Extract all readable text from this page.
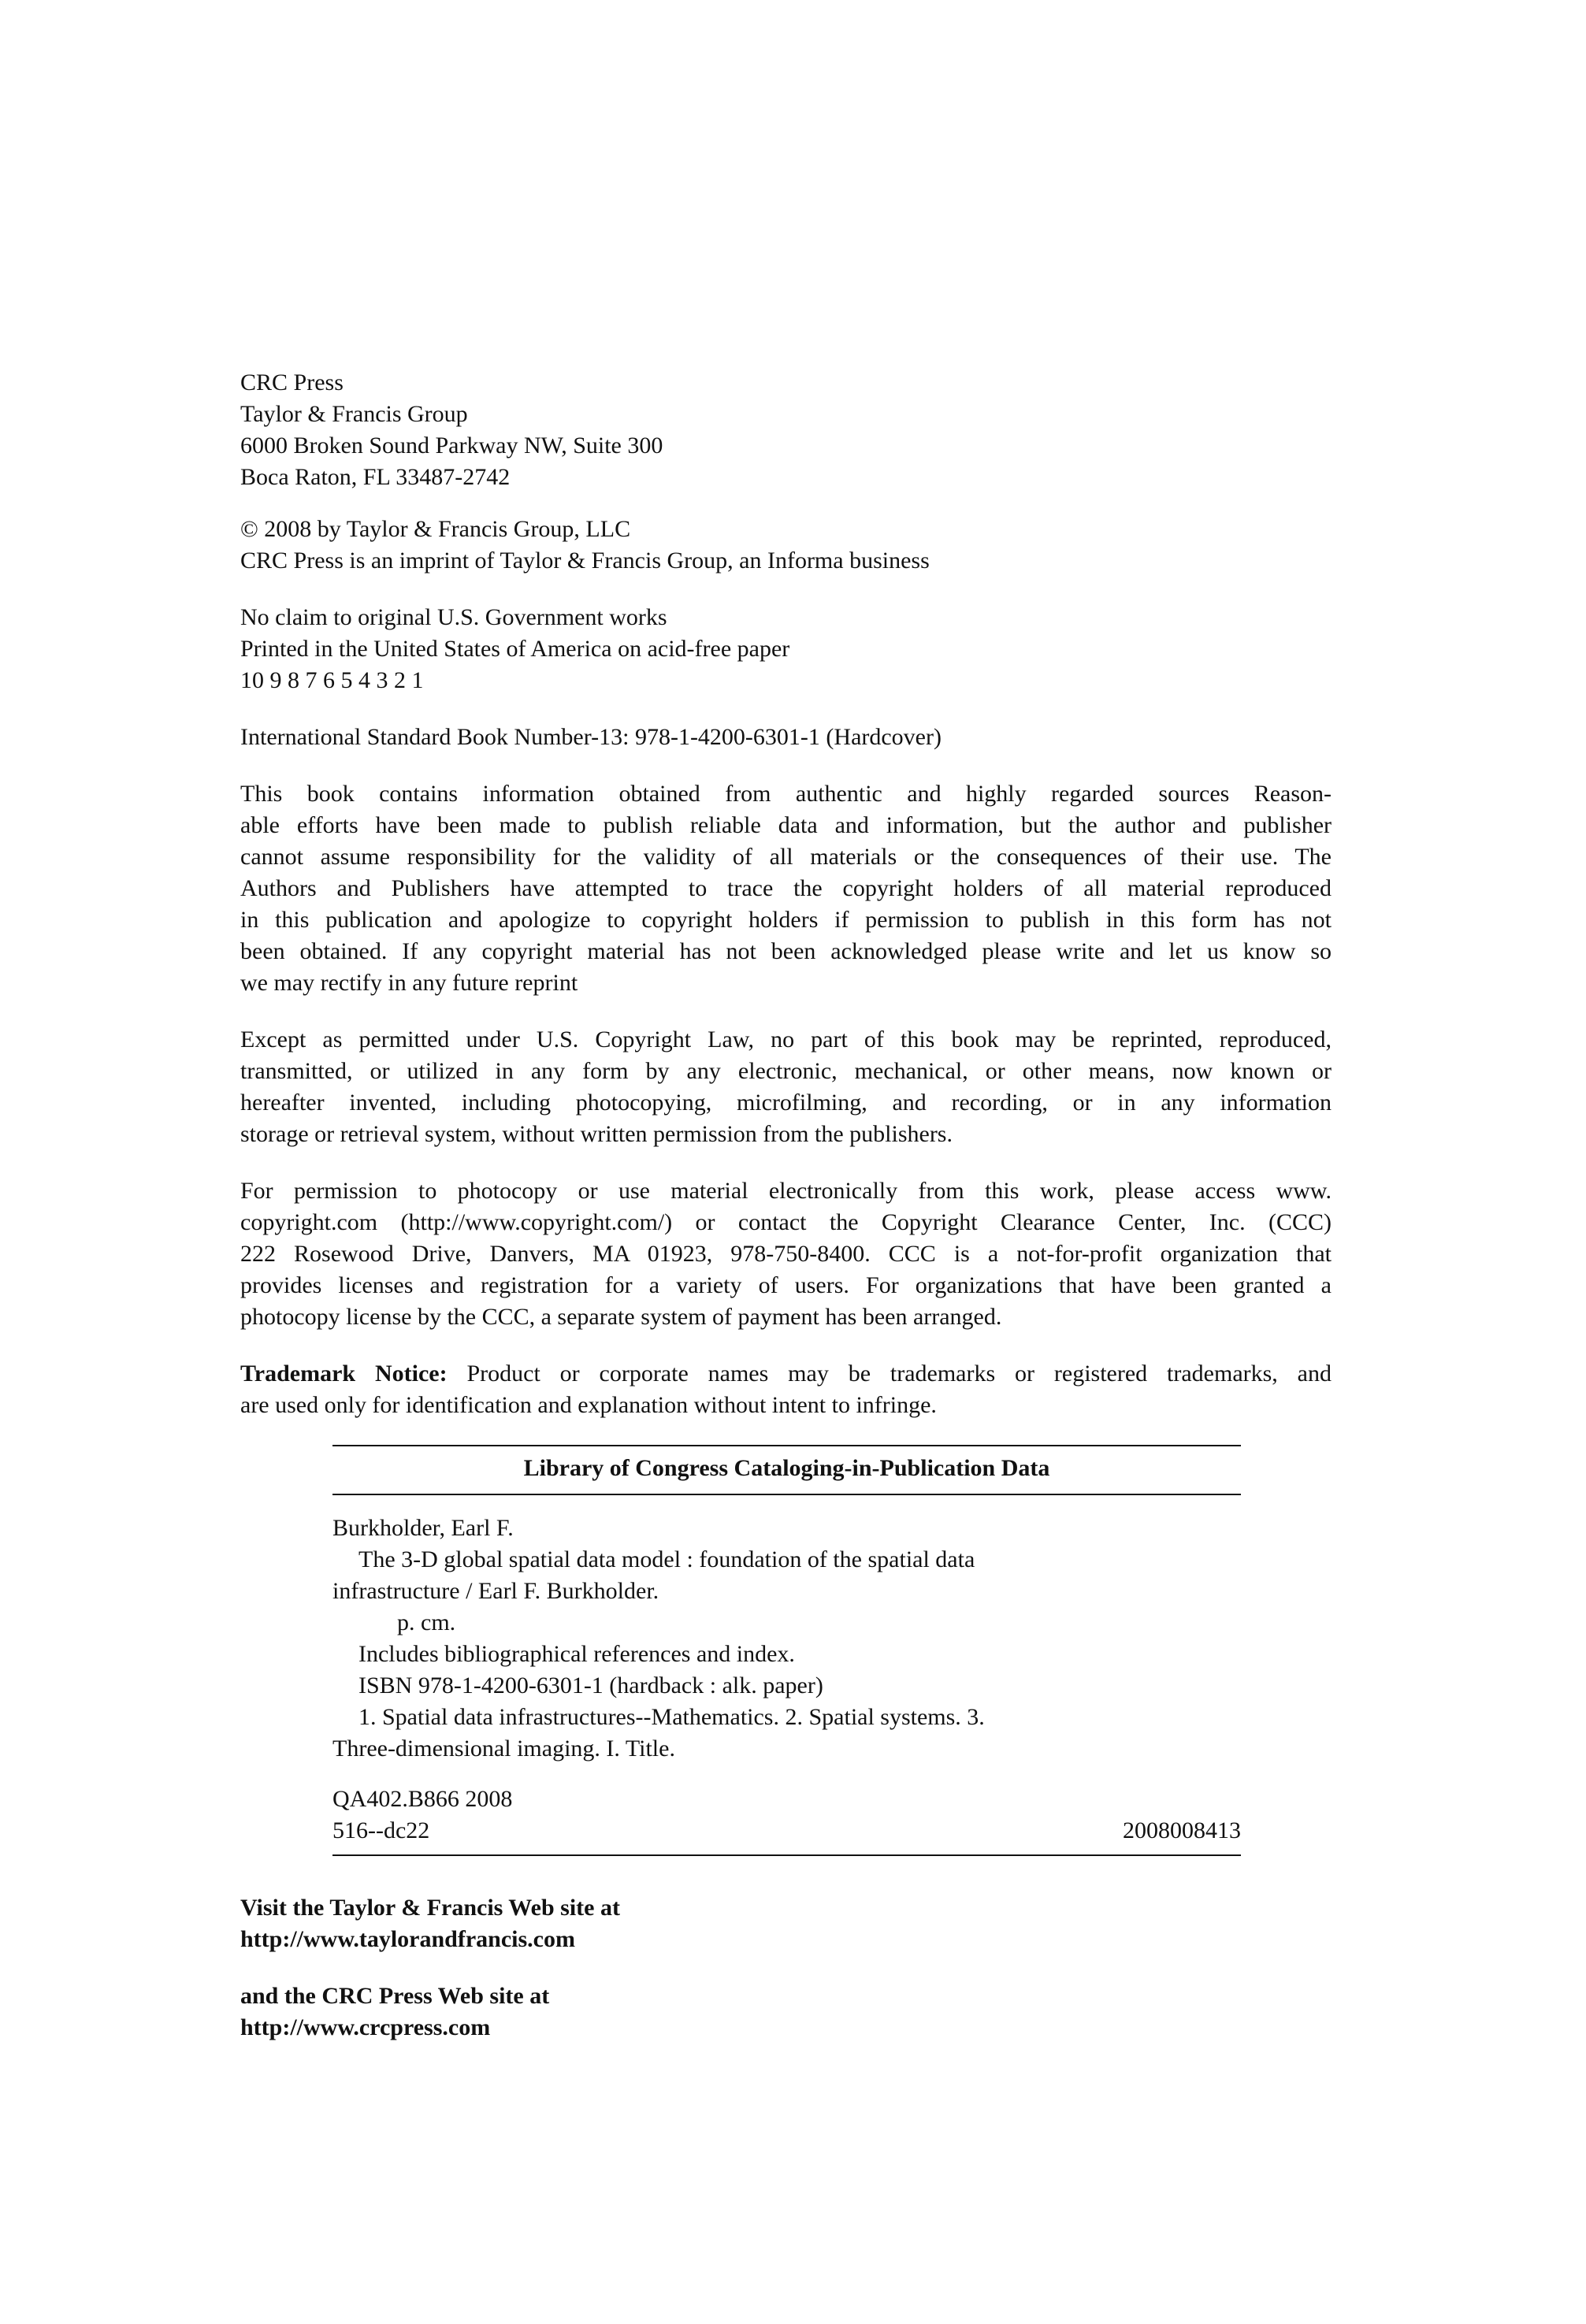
CRC Press
Taylor & Francis Group
6000 Broken Sound Parkway NW, Suite 300
Boca Raton, FL 33487-2742
© 2008 by Taylor & Francis Group, LLC
CRC Press is an imprint of Taylor & Francis Group, an Informa business
No claim to original U.S. Government works
Printed in the United States of America on acid-free paper
10 9 8 7 6 5 4 3 2 1
International Standard Book Number-13: 978-1-4200-6301-1 (Hardcover)
This book contains information obtained from authentic and highly regarded sources Reason-
able efforts have been made to publish reliable data and information, but the author and publisher
cannot assume responsibility for the validity of all materials or the consequences of their use. The
Authors and Publishers have attempted to trace the copyright holders of all material reproduced
in this publication and apologize to copyright holders if permission to publish in this form has not
been obtained. If any copyright material has not been acknowledged please write and let us know so
we may rectify in any future reprint
Except as permitted under U.S. Copyright Law, no part of this book may be reprinted, reproduced,
transmitted, or utilized in any form by any electronic, mechanical, or other means, now known or
hereafter invented, including photocopying, microfilming, and recording, or in any information
storage or retrieval system, without written permission from the publishers.
For permission to photocopy or use material electronically from this work, please access www.
copyright.com (http://www.copyright.com/) or contact the Copyright Clearance Center, Inc. (CCC)
222 Rosewood Drive, Danvers, MA 01923, 978-750-8400. CCC is a not-for-profit organization that
provides licenses and registration for a variety of users. For organizations that have been granted a
photocopy license by the CCC, a separate system of payment has been arranged.
Trademark Notice: Product or corporate names may be trademarks or registered trademarks, and
are used only for identification and explanation without intent to infringe.
Library of Congress Cataloging-in-Publication Data
Burkholder, Earl F.
The 3-D global spatial data model : foundation of the spatial data
infrastructure / Earl F. Burkholder.
p. cm.
Includes bibliographical references and index.
ISBN 978-1-4200-6301-1 (hardback : alk. paper)
1. Spatial data infrastructures--Mathematics. 2. Spatial systems. 3.
Three-dimensional imaging. I. Title.
QA402.B866 2008
516--dc22	2008008413
Visit the Taylor & Francis Web site at
http://www.taylorandfrancis.com
and the CRC Press Web site at
http://www.crcpress.com
